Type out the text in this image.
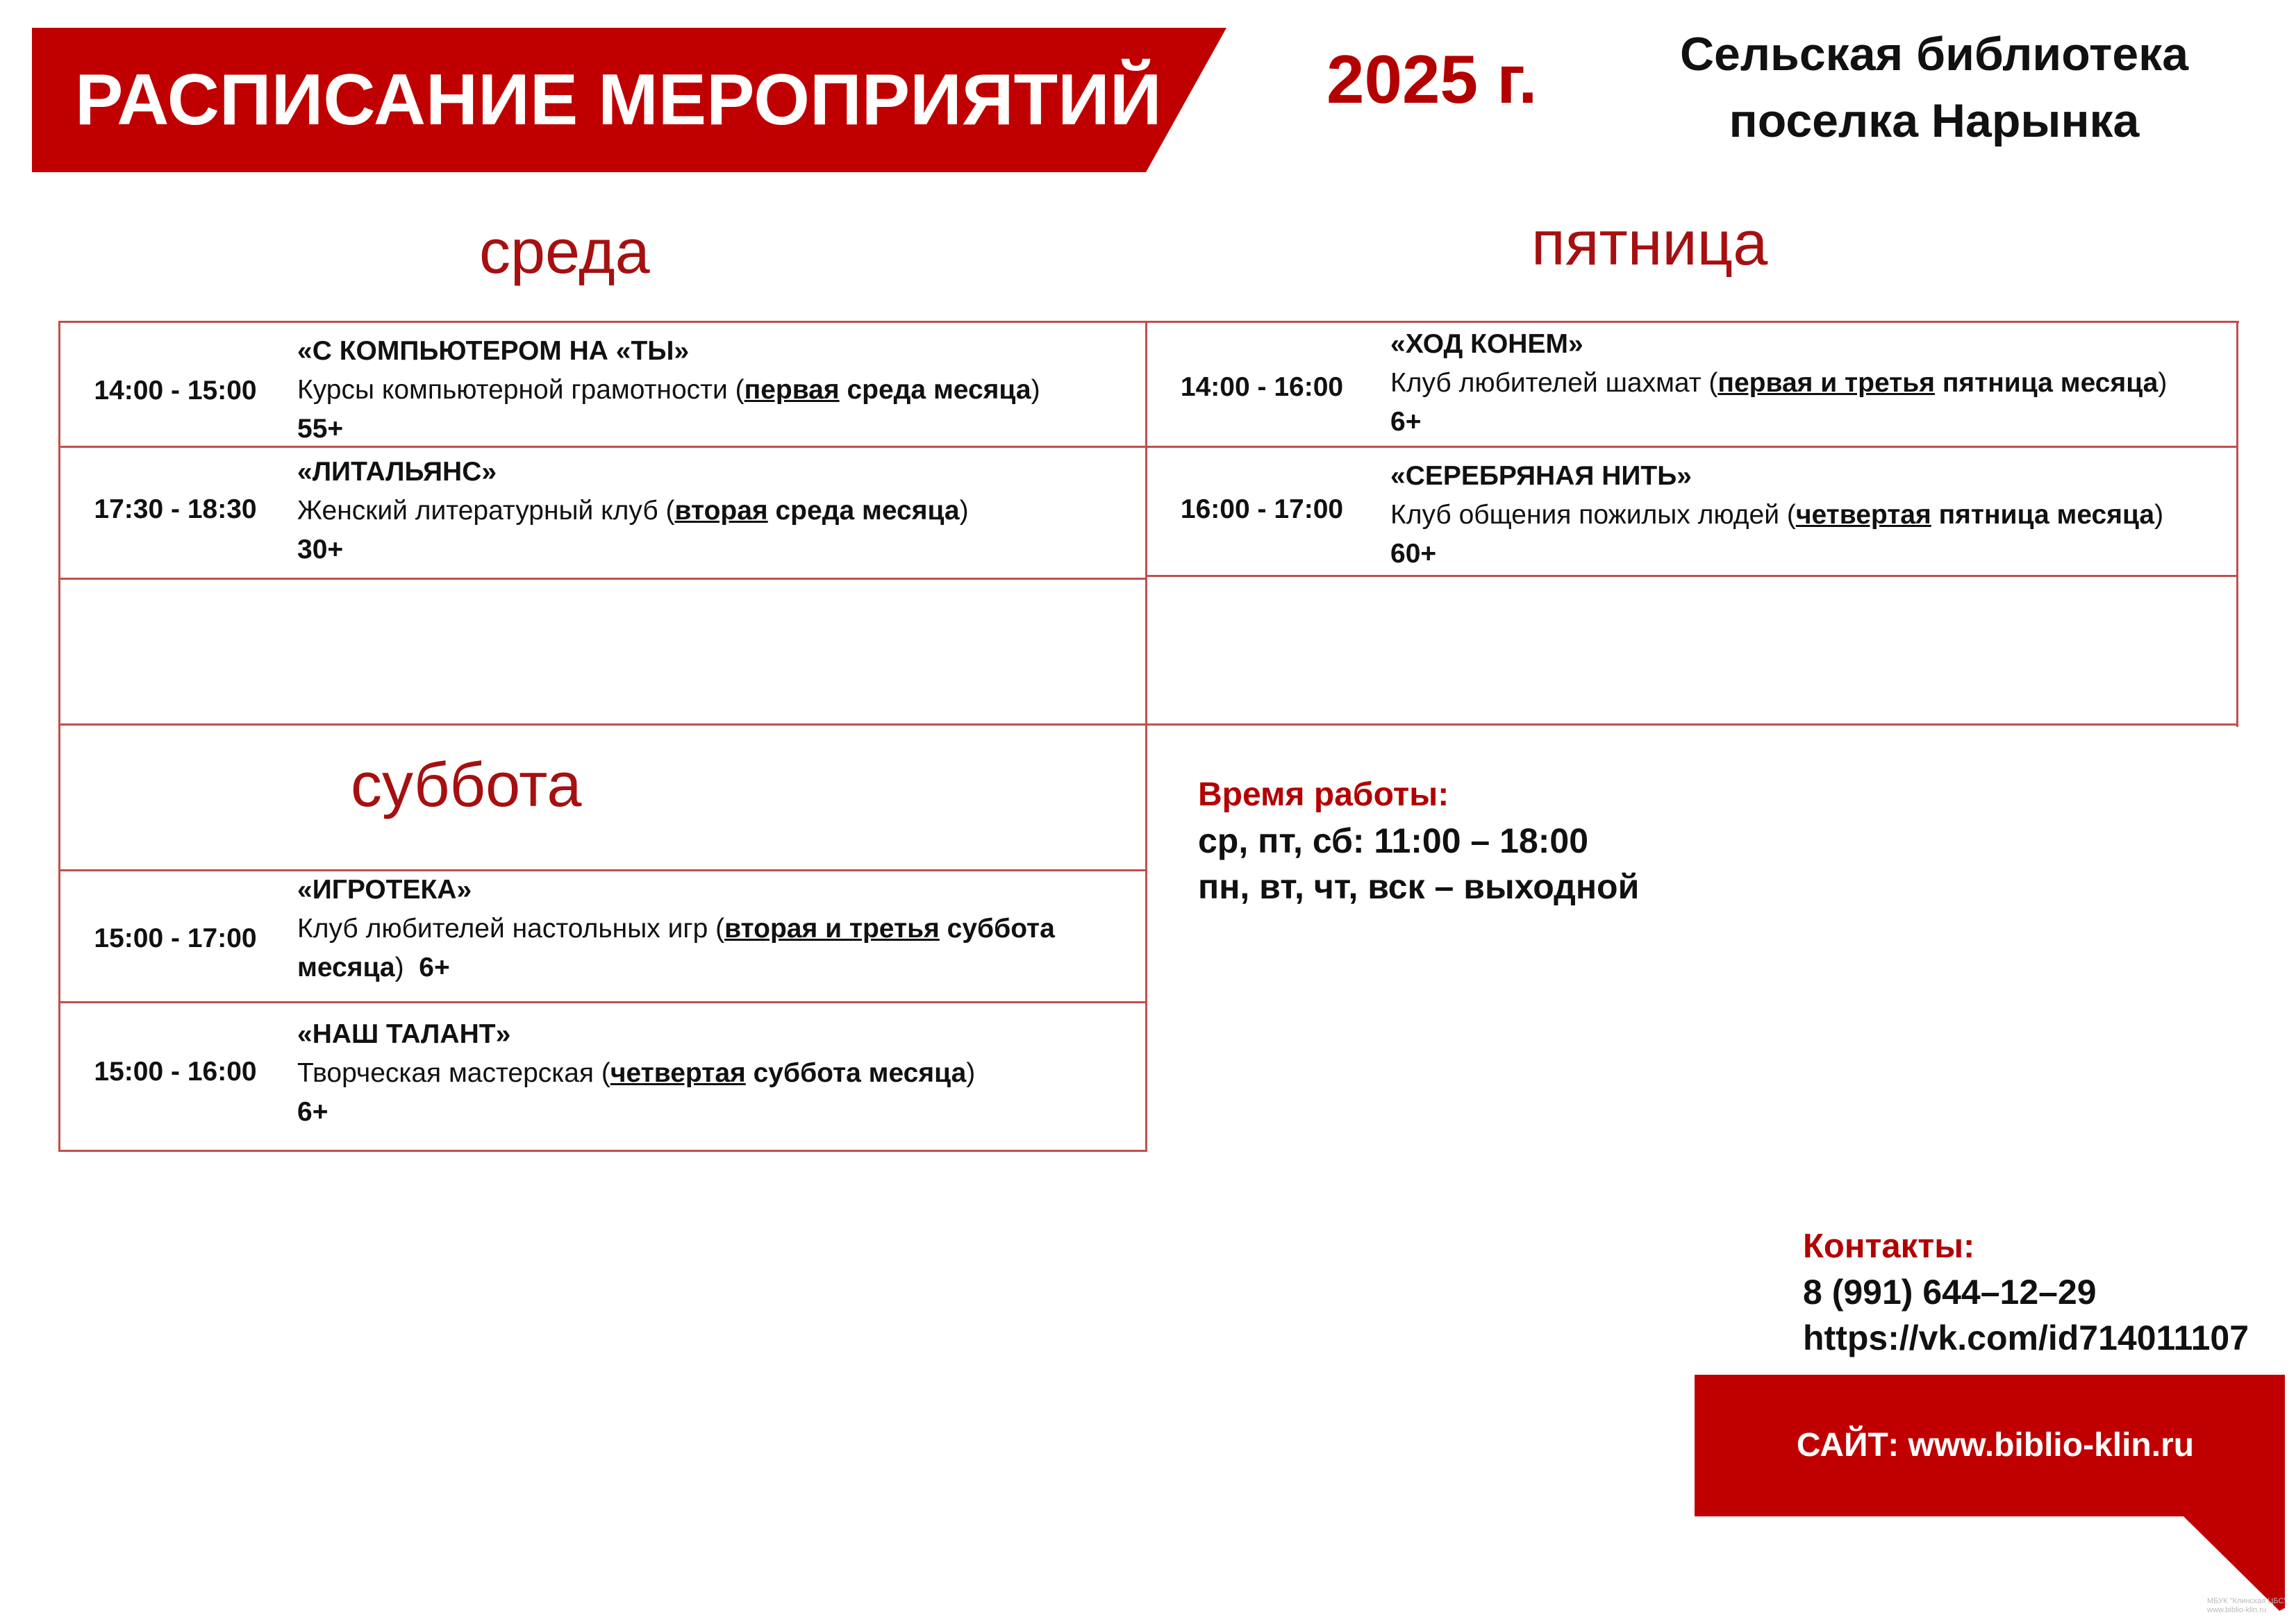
РАСПИСАНИЕ МЕРОПРИЯТИЙ 2025 г.	Сельская библиотека
поселка Нарынка
среда	пятница
суббота
14:00 - 15:00
«С КОМПЬЮТЕРОМ НА «ТЫ»
Курсы компьютерной грамотности (первая среда месяца)
55+
17:30 - 18:30
«ЛИТАЛЬЯНС»
Женский литературный клуб (вторая среда месяца)
30+
14:00 - 16:00
«ХОД КОНЕМ»
Клуб любителей шахмат (первая и третья пятница месяца)
6+
16:00 - 17:00
«СЕРЕБРЯНАЯ НИТЬ»
Клуб общения пожилых людей (четвертая пятница месяца)
60+
15:00 - 17:00
«ИГРОТЕКА»
Клуб любителей настольных игр (вторая и третья суббота
месяца) 6+
15:00 - 16:00
«НАШ ТАЛАНТ»
Творческая мастерская (четвертая суббота месяца)
6+
Время работы:
ср, пт, сб: 11:00 – 18:00
пн, вт, чт, вск – выходной
Контакты:
8 (991) 644–12–29
https://vk.com/id714011107
САЙТ: www.biblio-klin.ru
МБУК "Клинская ЦБС"
www.biblio-klin.ru
